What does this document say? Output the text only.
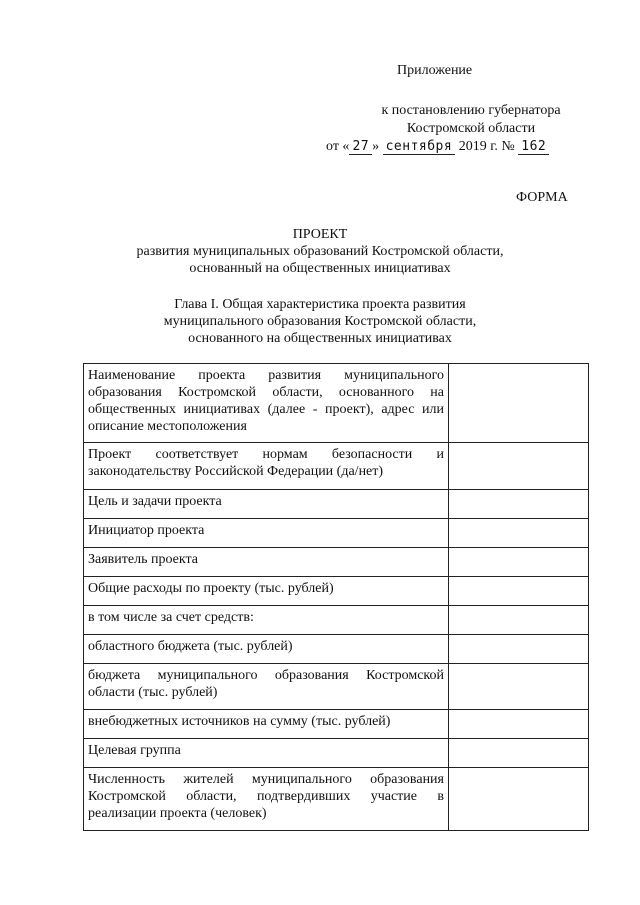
Приложение
к постановлению губернатора
Костромской области
от « 27 » сентября 2019 г. № 162
ФОРМА
ПРОЕКТ
развития муниципальных образований Костромской области,
основанный на общественных инициативах
Глава I. Общая характеристика проекта развития
муниципального образования Костромской области,
основанного на общественных инициативах
Наименование проекта развития муниципального образования Костромской области, основанного на общественных инициативах (далее - проект), адрес или описание местоположения	
Проект соответствует нормам безопасности и законодательству Российской Федерации (да/нет)	
Цель и задачи проекта	
Инициатор проекта	
Заявитель проекта	
Общие расходы по проекту (тыс. рублей)	
в том числе за счет средств:	
областного бюджета (тыс. рублей)	
бюджета муниципального образования Костромской области (тыс. рублей)	
внебюджетных источников на сумму (тыс. рублей)	
Целевая группа	
Численность жителей муниципального образования Костромской области, подтвердивших участие в реализации проекта (человек)	
